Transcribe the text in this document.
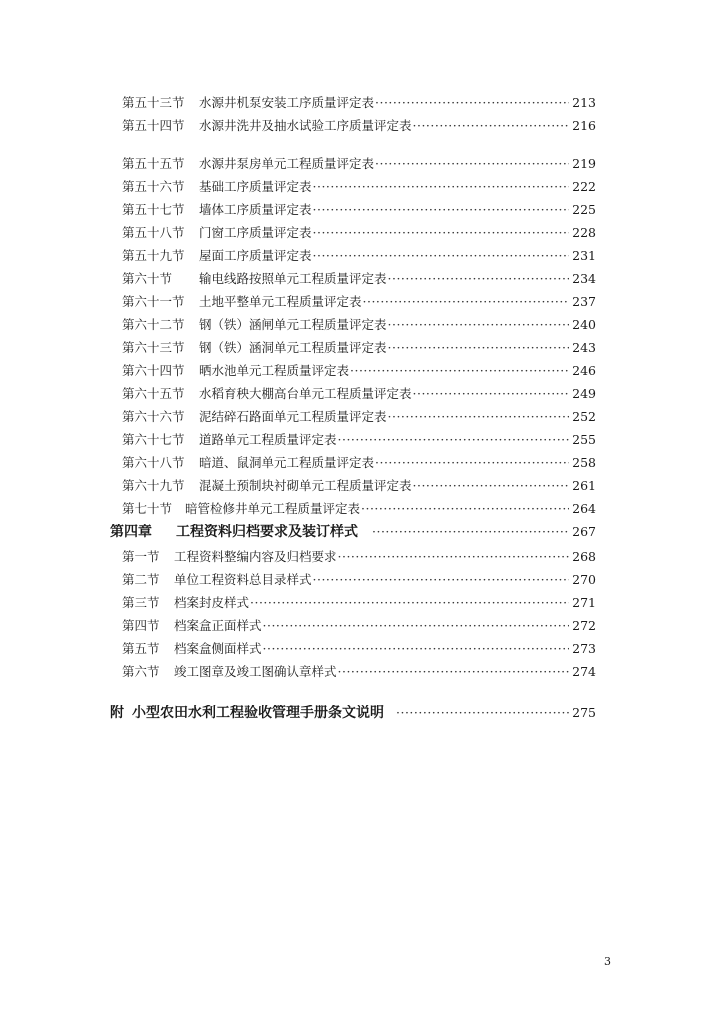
第五十三节	水源井机泵安装工序质量评定表 ·····	213
第五十四节	水源井洗井及抽水试验工序质量评定表 ·····	216
第五十五节	水源井泵房单元工程质量评定表 ·····	219
第五十六节	基础工序质量评定表 ·····	222
第五十七节	墙体工序质量评定表 ·····	225
第五十八节	门窗工序质量评定表 ·····	228
第五十九节	屋面工序质量评定表 ·····	231
第六十节	输电线路按照单元工程质量评定表 ·····	234
第六十一节	土地平整单元工程质量评定表 ·····	237
第六十二节	钢（铁）涵闸单元工程质量评定表 ·····	240
第六十三节	钢（铁）涵洞单元工程质量评定表 ·····	243
第六十四节	晒水池单元工程质量评定表 ·····	246
第六十五节	水稻育秧大棚高台单元工程质量评定表 ·····	249
第六十六节	泥结碎石路面单元工程质量评定表 ·····	252
第六十七节	道路单元工程质量评定表 ·····	255
第六十八节	暗道、鼠洞单元工程质量评定表 ·····	258
第六十九节	混凝土预制块衬砌单元工程质量评定表 ·····	261
第七十节	暗管检修井单元工程质量评定表 ·····	264
第四章	工程资料归档要求及装订样式 ·····	267
第一节	工程资料整编内容及归档要求 ·····	268
第二节	单位工程资料总目录样式 ·····	270
第三节	档案封皮样式 ·····	271
第四节	档案盒正面样式 ·····	272
第五节	档案盒侧面样式 ·····	273
第六节	竣工图章及竣工图确认章样式 ·····	274
附 小型农田水利工程验收管理手册条文说明 ·····	275
3
